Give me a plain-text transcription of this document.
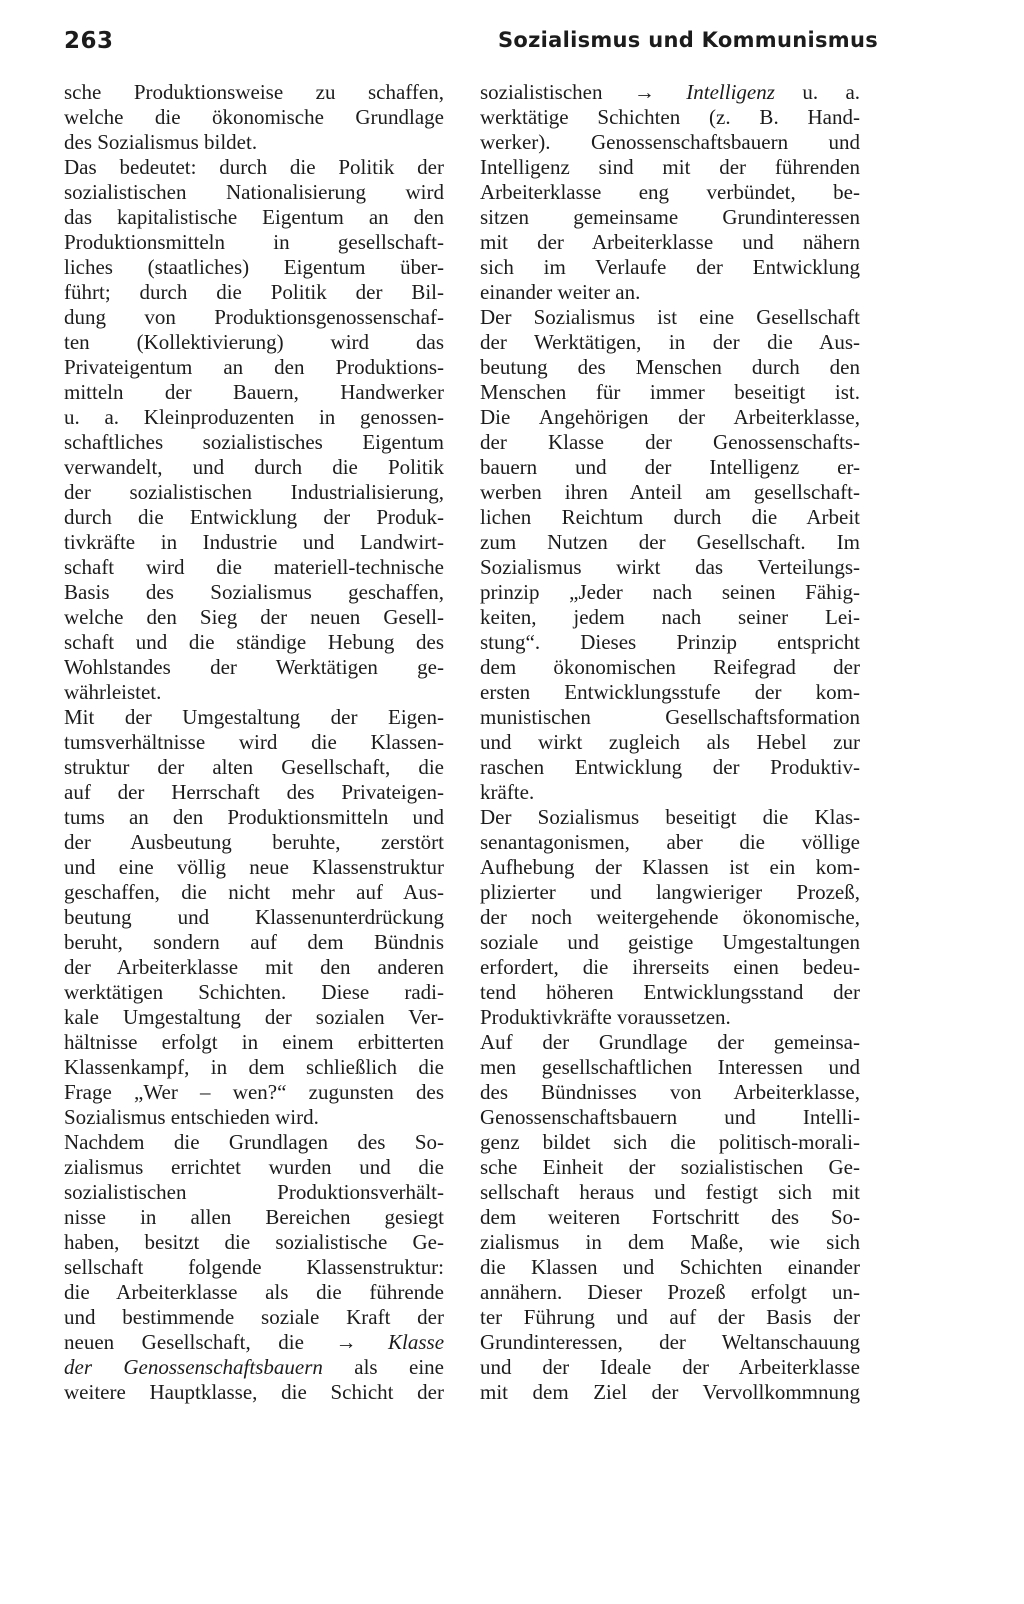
263	Sozialismus und Kommunismus

sche Produktionsweise zu schaffen,
welche die ökonomische Grundlage
des Sozialismus bildet.

Das bedeutet: durch die Politik der
sozialistischen Nationalisierung wird
das kapitalistische Eigentum an den
Produktionsmitteln in gesellschaft-
liches (staatliches) Eigentum über-
führt; durch die Politik der Bil-
dung von Produktionsgenossenschaf-
ten (Kollektivierung) wird das
Privateigentum an den Produktions-
mitteln der Bauern, Handwerker
u. a. Kleinproduzenten in genossen-
schaftliches sozialistisches Eigentum
verwandelt, und durch die Politik
der sozialistischen Industrialisierung,
durch die Entwicklung der Produk-
tivkräfte in Industrie und Landwirt-
schaft wird die materiell-technische
Basis des Sozialismus geschaffen,
welche den Sieg der neuen Gesell-
schaft und die ständige Hebung des
Wohlstandes der Werktätigen ge-
währleistet.

Mit der Umgestaltung der Eigen-
tumsverhältnisse wird die Klassen-
struktur der alten Gesellschaft, die
auf der Herrschaft des Privateigen-
tums an den Produktionsmitteln und
der Ausbeutung beruhte, zerstört
und eine völlig neue Klassenstruktur
geschaffen, die nicht mehr auf Aus-
beutung und Klassenunterdrückung
beruht, sondern auf dem Bündnis
der Arbeiterklasse mit den anderen
werktätigen Schichten. Diese radi-
kale Umgestaltung der sozialen Ver-
hältnisse erfolgt in einem erbitterten
Klassenkampf, in dem schließlich die
Frage „Wer – wen?“ zugunsten des
Sozialismus entschieden wird.

Nachdem die Grundlagen des So-
zialismus errichtet wurden und die
sozialistischen Produktionsverhält-
nisse in allen Bereichen gesiegt
haben, besitzt die sozialistische Ge-
sellschaft folgende Klassenstruktur:
die Arbeiterklasse als die führende
und bestimmende soziale Kraft der
neuen Gesellschaft, die → Klasse
der Genossenschaftsbauern als eine
weitere Hauptklasse, die Schicht der

sozialistischen → Intelligenz u. a.
werktätige Schichten (z. B. Hand-
werker). Genossenschaftsbauern und
Intelligenz sind mit der führenden
Arbeiterklasse eng verbündet, be-
sitzen gemeinsame Grundinteressen
mit der Arbeiterklasse und nähern
sich im Verlaufe der Entwicklung
einander weiter an.

Der Sozialismus ist eine Gesellschaft
der Werktätigen, in der die Aus-
beutung des Menschen durch den
Menschen für immer beseitigt ist.
Die Angehörigen der Arbeiterklasse,
der Klasse der Genossenschafts-
bauern und der Intelligenz er-
werben ihren Anteil am gesellschaft-
lichen Reichtum durch die Arbeit
zum Nutzen der Gesellschaft. Im
Sozialismus wirkt das Verteilungs-
prinzip „Jeder nach seinen Fähig-
keiten, jedem nach seiner Lei-
stung“. Dieses Prinzip entspricht
dem ökonomischen Reifegrad der
ersten Entwicklungsstufe der kom-
munistischen Gesellschaftsformation
und wirkt zugleich als Hebel zur
raschen Entwicklung der Produktiv-
kräfte.

Der Sozialismus beseitigt die Klas-
senantagonismen, aber die völlige
Aufhebung der Klassen ist ein kom-
plizierter und langwieriger Prozeß,
der noch weitergehende ökonomische,
soziale und geistige Umgestaltungen
erfordert, die ihrerseits einen bedeu-
tend höheren Entwicklungsstand der
Produktivkräfte voraussetzen.

Auf der Grundlage der gemeinsa-
men gesellschaftlichen Interessen und
des Bündnisses von Arbeiterklasse,
Genossenschaftsbauern und Intelli-
genz bildet sich die politisch-morali-
sche Einheit der sozialistischen Ge-
sellschaft heraus und festigt sich mit
dem weiteren Fortschritt des So-
zialismus in dem Maße, wie sich
die Klassen und Schichten einander
annähern. Dieser Prozeß erfolgt un-
ter Führung und auf der Basis der
Grundinteressen, der Weltanschauung
und der Ideale der Arbeiterklasse
mit dem Ziel der Vervollkommnung
